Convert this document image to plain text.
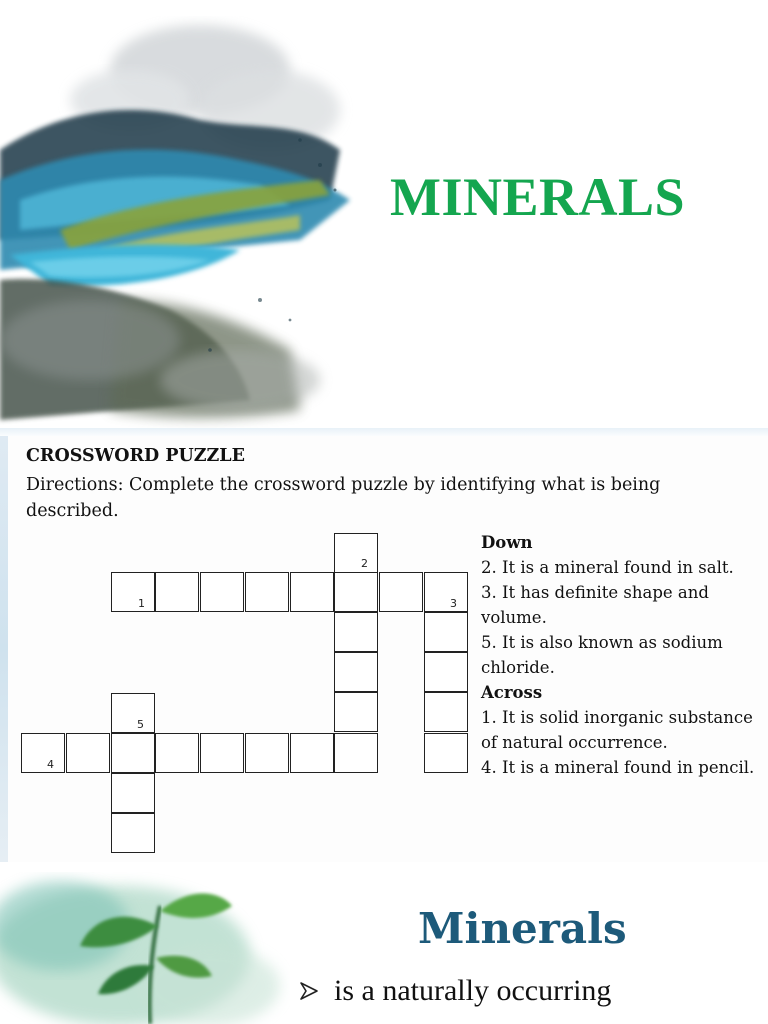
MINERALS
CROSSWORD PUZZLE
Directions: Complete the crossword puzzle by identifying what is being described.
1
2
3
4
5
Down
2. It is a mineral found in salt.
3. It has definite shape and volume.
5. It is also known as sodium chloride.
Across
1. It is solid inorganic substance of natural occurrence.
4. It is a mineral found in pencil.
Minerals
is a naturally occurring
